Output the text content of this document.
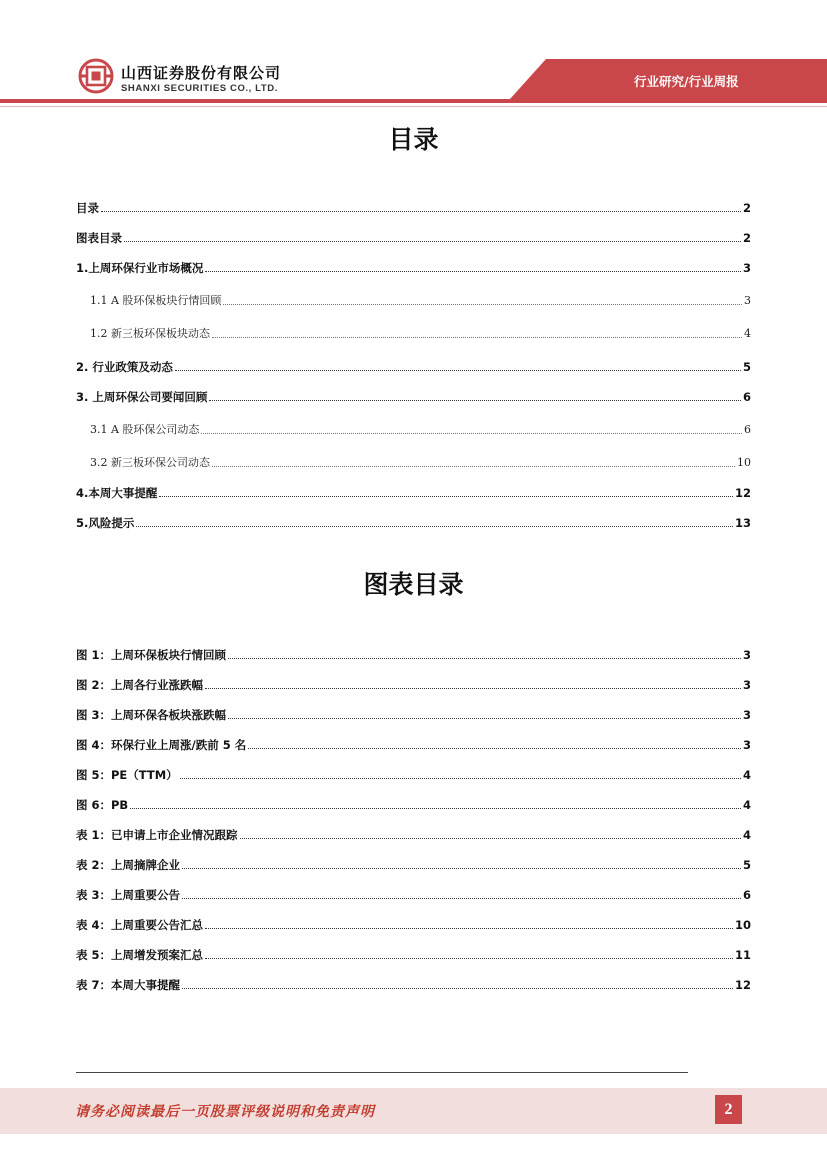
山西证券股份有限公司
SHANXI SECURITIES CO., LTD.	行业研究/行业周报
目录
目录	2
图表目录	2
1.上周环保行业市场概况	3
1.1 A 股环保板块行情回顾	3
1.2 新三板环保板块动态	4
2. 行业政策及动态	5
3. 上周环保公司要闻回顾	6
3.1 A 股环保公司动态	6
3.2 新三板环保公司动态	10
4.本周大事提醒	12
5.风险提示	13
图表目录
图 1：上周环保板块行情回顾	3
图 2：上周各行业涨跌幅	3
图 3：上周环保各板块涨跌幅	3
图 4：环保行业上周涨/跌前 5 名	3
图 5：PE（TTM）	4
图 6：PB	4
表 1：已申请上市企业情况跟踪	4
表 2：上周摘牌企业	5
表 3：上周重要公告	6
表 4：上周重要公告汇总	10
表 5：上周增发预案汇总	11
表 7：本周大事提醒	12
请务必阅读最后一页股票评级说明和免责声明	2
